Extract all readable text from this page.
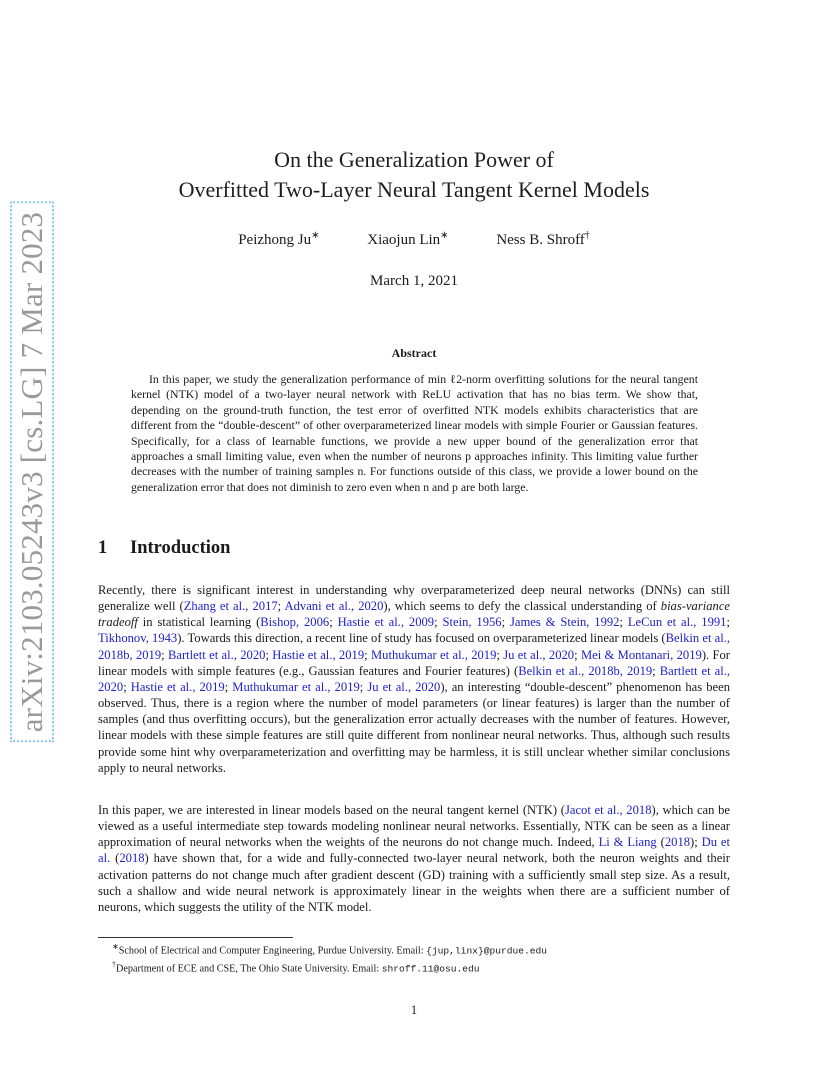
arXiv:2103.05243v3 [cs.LG] 7 Mar 2023
On the Generalization Power of
Overfitted Two-Layer Neural Tangent Kernel Models
Peizhong Ju∗	Xiaojun Lin∗	Ness B. Shroff†
March 1, 2021
Abstract
In this paper, we study the generalization performance of min ℓ2-norm overfitting solutions for the neural tangent kernel (NTK) model of a two-layer neural network with ReLU activation that has no bias term. We show that, depending on the ground-truth function, the test error of overfitted NTK models exhibits characteristics that are different from the “double-descent” of other overparameterized linear models with simple Fourier or Gaussian features. Specifically, for a class of learnable functions, we provide a new upper bound of the generalization error that approaches a small limiting value, even when the number of neurons p approaches infinity. This limiting value further decreases with the number of training samples n. For functions outside of this class, we provide a lower bound on the generalization error that does not diminish to zero even when n and p are both large.
1 Introduction
Recently, there is significant interest in understanding why overparameterized deep neural networks (DNNs) can still generalize well (Zhang et al., 2017; Advani et al., 2020), which seems to defy the classical understanding of bias-variance tradeoff in statistical learning (Bishop, 2006; Hastie et al., 2009; Stein, 1956; James & Stein, 1992; LeCun et al., 1991; Tikhonov, 1943). Towards this direction, a recent line of study has focused on overparameterized linear models (Belkin et al., 2018b, 2019; Bartlett et al., 2020; Hastie et al., 2019; Muthukumar et al., 2019; Ju et al., 2020; Mei & Montanari, 2019). For linear models with simple features (e.g., Gaussian features and Fourier features) (Belkin et al., 2018b, 2019; Bartlett et al., 2020; Hastie et al., 2019; Muthukumar et al., 2019; Ju et al., 2020), an interesting “double-descent” phenomenon has been observed. Thus, there is a region where the number of model parameters (or linear features) is larger than the number of samples (and thus overfitting occurs), but the generalization error actually decreases with the number of features. However, linear models with these simple features are still quite different from nonlinear neural networks. Thus, although such results provide some hint why overparameterization and overfitting may be harmless, it is still unclear whether similar conclusions apply to neural networks.
In this paper, we are interested in linear models based on the neural tangent kernel (NTK) (Jacot et al., 2018), which can be viewed as a useful intermediate step towards modeling nonlinear neural networks. Essentially, NTK can be seen as a linear approximation of neural networks when the weights of the neurons do not change much. Indeed, Li & Liang (2018); Du et al. (2018) have shown that, for a wide and fully-connected two-layer neural network, both the neuron weights and their activation patterns do not change much after gradient descent (GD) training with a sufficiently small step size. As a result, such a shallow and wide neural network is approximately linear in the weights when there are a sufficient number of neurons, which suggests the utility of the NTK model.
∗School of Electrical and Computer Engineering, Purdue University. Email: {jup,linx}@purdue.edu
†Department of ECE and CSE, The Ohio State University. Email: shroff.11@osu.edu
1
